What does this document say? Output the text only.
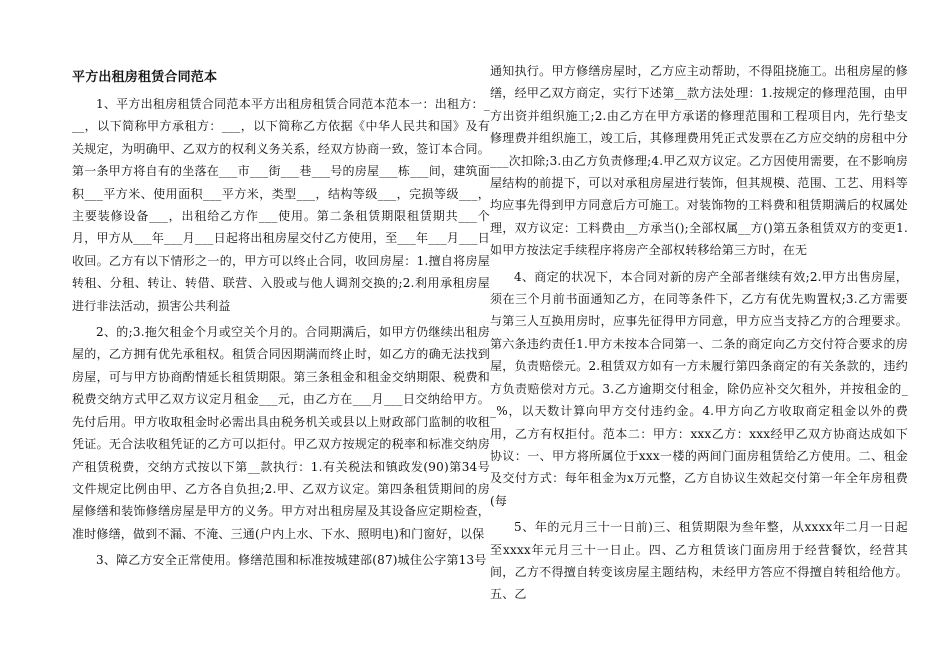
平方出租房租赁合同范本

1、平方出租房租赁合同范本平方出租房租赁合同范本范本一：出租方：___，以下简称甲方承租方：___，以下简称乙方依据《中华人民共和国》及有关规定，为明确甲、乙双方的权利义务关系，经双方协商一致，签订本合同。第一条甲方将自有的坐落在___市___街___巷___号的房屋___栋___间，建筑面积___平方米、使用面积___平方米，类型___，结构等级___，完损等级___，主要装修设备___，出租给乙方作___使用。第二条租赁期限租赁期共___个月，甲方从___年___月___日起将出租房屋交付乙方使用，至___年___月___日收回。乙方有以下情形之一的，甲方可以终止合同，收回房屋：1.擅自将房屋转租、分租、转让、转借、联营、入股或与他人调剂交换的;2.利用承租房屋进行非法活动，损害公共利益

2、的;3.拖欠租金个月或空关个月的。合同期满后，如甲方仍继续出租房屋的，乙方拥有优先承租权。租赁合同因期满而终止时，如乙方的确无法找到房屋，可与甲方协商酌情延长租赁期限。第三条租金和租金交纳期限、税费和税费交纳方式甲乙双方议定月租金___元，由乙方在___月___日交纳给甲方。先付后用。甲方收取租金时必需出具由税务机关或县以上财政部门监制的收租凭证。无合法收租凭证的乙方可以拒付。甲乙双方按规定的税率和标准交纳房产租赁税费，交纳方式按以下第__款执行：1.有关税法和镇政发(90)第34号文件规定比例由甲、乙方各自负担;2.甲、乙双方议定。第四条租赁期间的房屋修缮和装饰修缮房屋是甲方的义务。甲方对出租房屋及其设备应定期检查，准时修缮，做到不漏、不淹、三通(户内上水、下水、照明电)和门窗好，以保

3、障乙方安全正常使用。修缮范围和标准按城建部(87)城住公字第13号

通知执行。甲方修缮房屋时，乙方应主动帮助，不得阻挠施工。出租房屋的修缮，经甲乙双方商定，实行下述第__款方法处理：1.按规定的修理范围，由甲方出资并组织施工;2.由乙方在甲方承诺的修理范围和工程项目内，先行垫支修理费并组织施工，竣工后，其修理费用凭正式发票在乙方应交纳的房租中分___次扣除;3.由乙方负责修理;4.甲乙双方议定。乙方因使用需要，在不影响房屋结构的前提下，可以对承租房屋进行装饰，但其规模、范围、工艺、用料等均应事先得到甲方同意后方可施工。对装饰物的工料费和租赁期满后的权属处理，双方议定：工料费由__方承当();全部权属__方()第五条租赁双方的变更1.如甲方按法定手续程序将房产全部权转移给第三方时，在无

4、商定的状况下，本合同对新的房产全部者继续有效;2.甲方出售房屋，须在三个月前书面通知乙方，在同等条件下，乙方有优先购置权;3.乙方需要与第三人互换用房时，应事先征得甲方同意，甲方应当支持乙方的合理要求。第六条违约责任1.甲方未按本合同第一、二条的商定向乙方交付符合要求的房屋，负责赔偿元。2.租赁双方如有一方未履行第四条商定的有关条款的，违约方负责赔偿对方元。3.乙方逾期交付租金，除仍应补交欠租外，并按租金的__%，以天数计算向甲方交付违约金。4.甲方向乙方收取商定租金以外的费用，乙方有权拒付。范本二：甲方：xxx乙方：xxx经甲乙双方协商达成如下协议：一、甲方将所属位于xxx一楼的两间门面房租赁给乙方使用。二、租金及交付方式：每年租金为x万元整，乙方自协议生效起交付第一年全年房租费(每

5、年的元月三十一日前)三、租赁期限为叁年整，从xxxx年二月一日起至xxxx年元月三十一日止。四、乙方租赁该门面房用于经营餐饮，经营其间，乙方不得擅自转变该房屋主题结构，未经甲方答应不得擅自转租给他方。五、乙
